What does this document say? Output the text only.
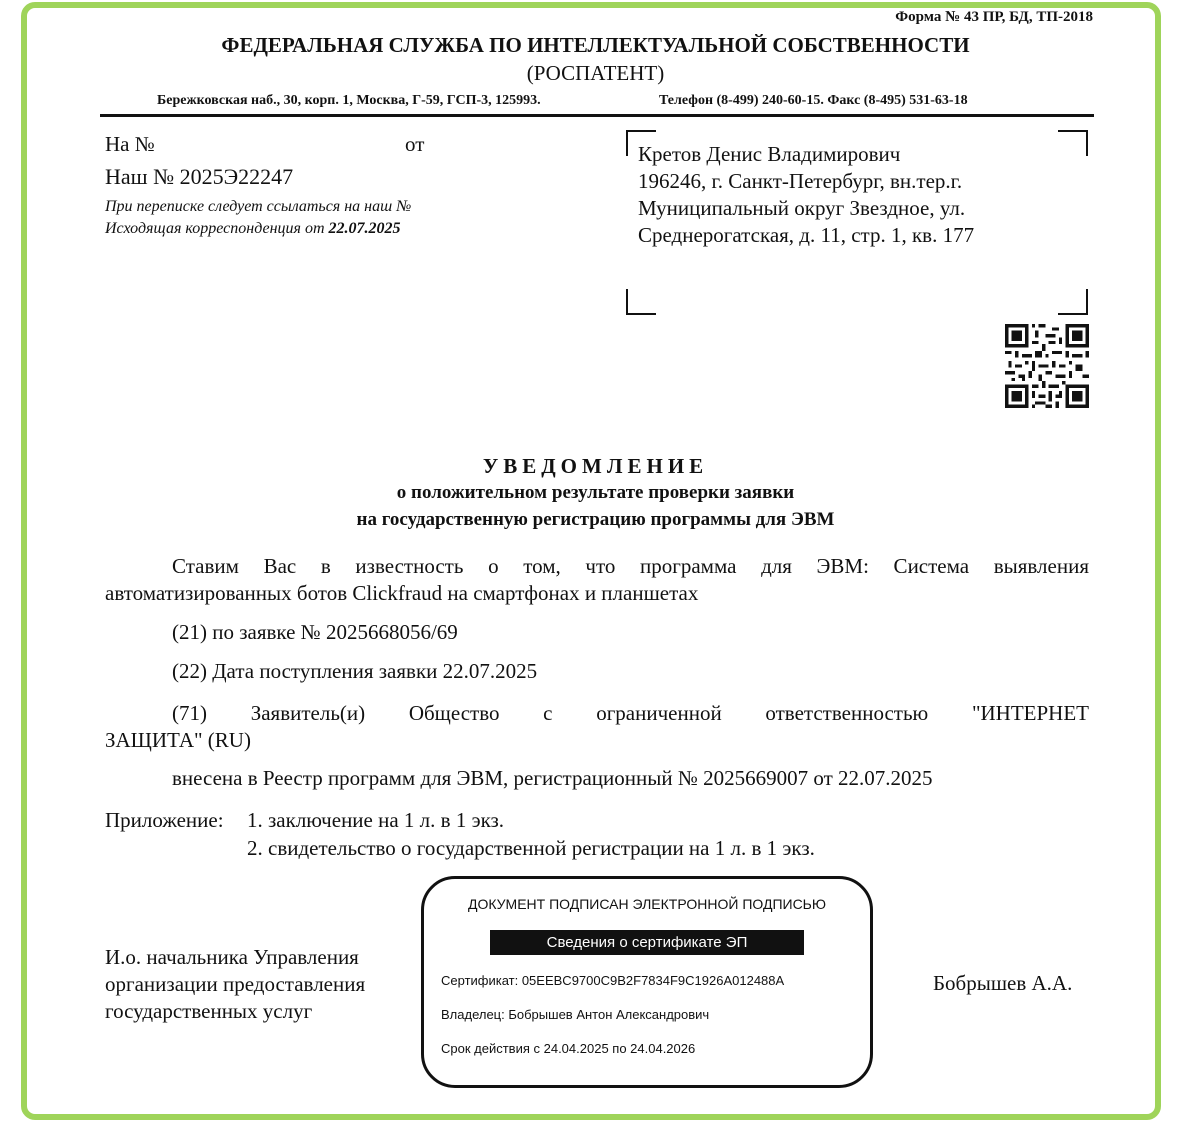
Форма № 43 ПР, БД, ТП-2018
ФЕДЕРАЛЬНАЯ СЛУЖБА ПО ИНТЕЛЛЕКТУАЛЬНОЙ СОБСТВЕННОСТИ
(РОСПАТЕНТ)
Бережковская наб., 30, корп. 1, Москва, Г-59, ГСП-3, 125993.	Телефон (8-499) 240-60-15. Факс (8-495) 531-63-18
На №	от
Наш № 2025Э22247
При переписке следует ссылаться на наш №
Исходящая корреспонденция от 22.07.2025
Кретов Денис Владимирович
196246, г. Санкт-Петербург, вн.тер.г.
Муниципальный округ Звездное, ул.
Среднерогатская, д. 11, стр. 1, кв. 177
УВЕДОМЛЕНИЕ
о положительном результате проверки заявки
на государственную регистрацию программы для ЭВМ
Ставим Вас в известность о том, что программа для ЭВМ: Система выявления
автоматизированных ботов Clickfraud на смартфонах и планшетах
(21) по заявке № 2025668056/69
(22) Дата поступления заявки 22.07.2025
(71) Заявитель(и) Общество с ограниченной ответственностью "ИНТЕРНЕТ
ЗАЩИТА" (RU)
внесена в Реестр программ для ЭВМ, регистрационный № 2025669007 от 22.07.2025
Приложение: 1. заключение на 1 л. в 1 экз.
2. свидетельство о государственной регистрации на 1 л. в 1 экз.
И.о. начальника Управления
организации предоставления
государственных услуг
ДОКУМЕНТ ПОДПИСАН ЭЛЕКТРОННОЙ ПОДПИСЬЮ
Сведения о сертификате ЭП
Сертификат: 05EEBC9700C9B2F7834F9C1926A012488A
Владелец: Бобрышев Антон Александрович
Срок действия с 24.04.2025 по 24.04.2026
Бобрышев А.А.
